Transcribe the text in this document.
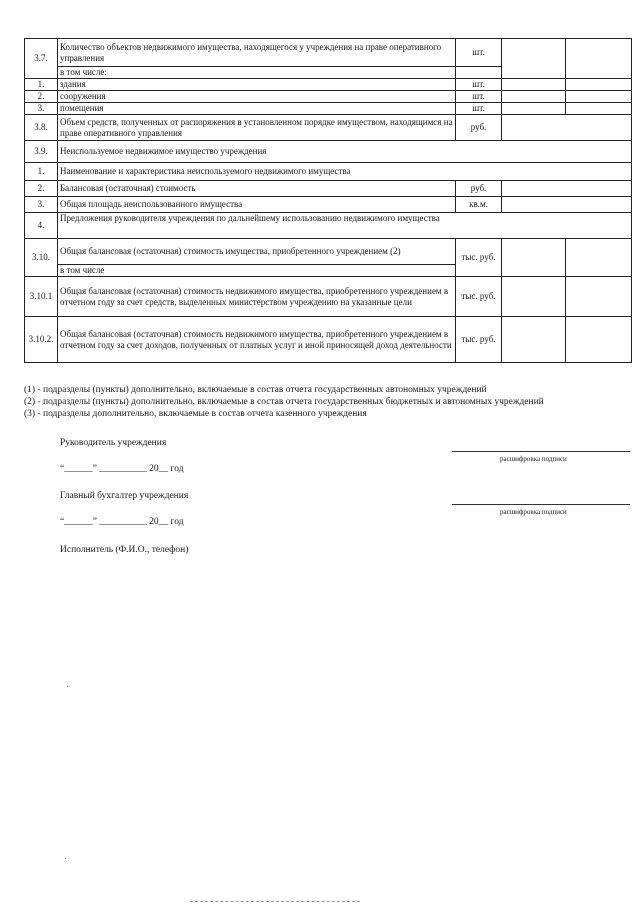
3.7.	Количество объектов недвижимого имущества, находящегося у учреждения на праве оперативного управления	шт.		
	в том числе:			
1.	здания	шт.		
2.	сооружения	шт.		
3.	помещения	шт.		
3.8.	Объем средств, полученных от распоряжения в установленном порядке имуществом, находящимся на праве оперативного управления	руб.		
3.9.	Неиспользуемое недвижимое имущество учреждения			
1.	Наименование и характеристика неиспользуемого недвижимого имущества			
2.	Балансовая (остаточная) стоимость	руб.		
3.	Общая площадь неиспользованного имущества	кв.м.		
4.	Предложения руководителя учреждения по дальнейшему использованию недвижимого имущества			
3.10.	Общая балансовая (остаточная) стоимость имущества, приобретенного учреждением (2)	тыс. руб.		
	в том числе			
3.10.1	Общая балансовая (остаточная) стоимость недвижимого имущества, приобретенного учреждением в отчетном году за счет средств, выделенных министерством учреждению на указанные цели	тыс. руб.		
3.10.2.	Общая балансовая (остаточная) стоимость недвижимого имущества, приобретенного учреждением в отчетном году за счет доходов, полученных от платных услуг и иной приносящей доход деятельности	тыс. руб.		
(1) - подразделы (пункты) дополнительно, включаемые в состав отчета государственных автономных учреждений
(2) - подразделы (пункты) дополнительно, включаемые в состав отчета государственных бюджетных и автономных учреждений
(3) - подразделы дополнительно, включаемые в состав отчета казенного учреждения
Руководитель учреждения
расшифровка подписи
“______” __________ 20__ год
Главный бухгалтер учреждения
расшифровка подписи
“______” __________ 20__ год
Исполнитель (Ф.И.О., телефон)
